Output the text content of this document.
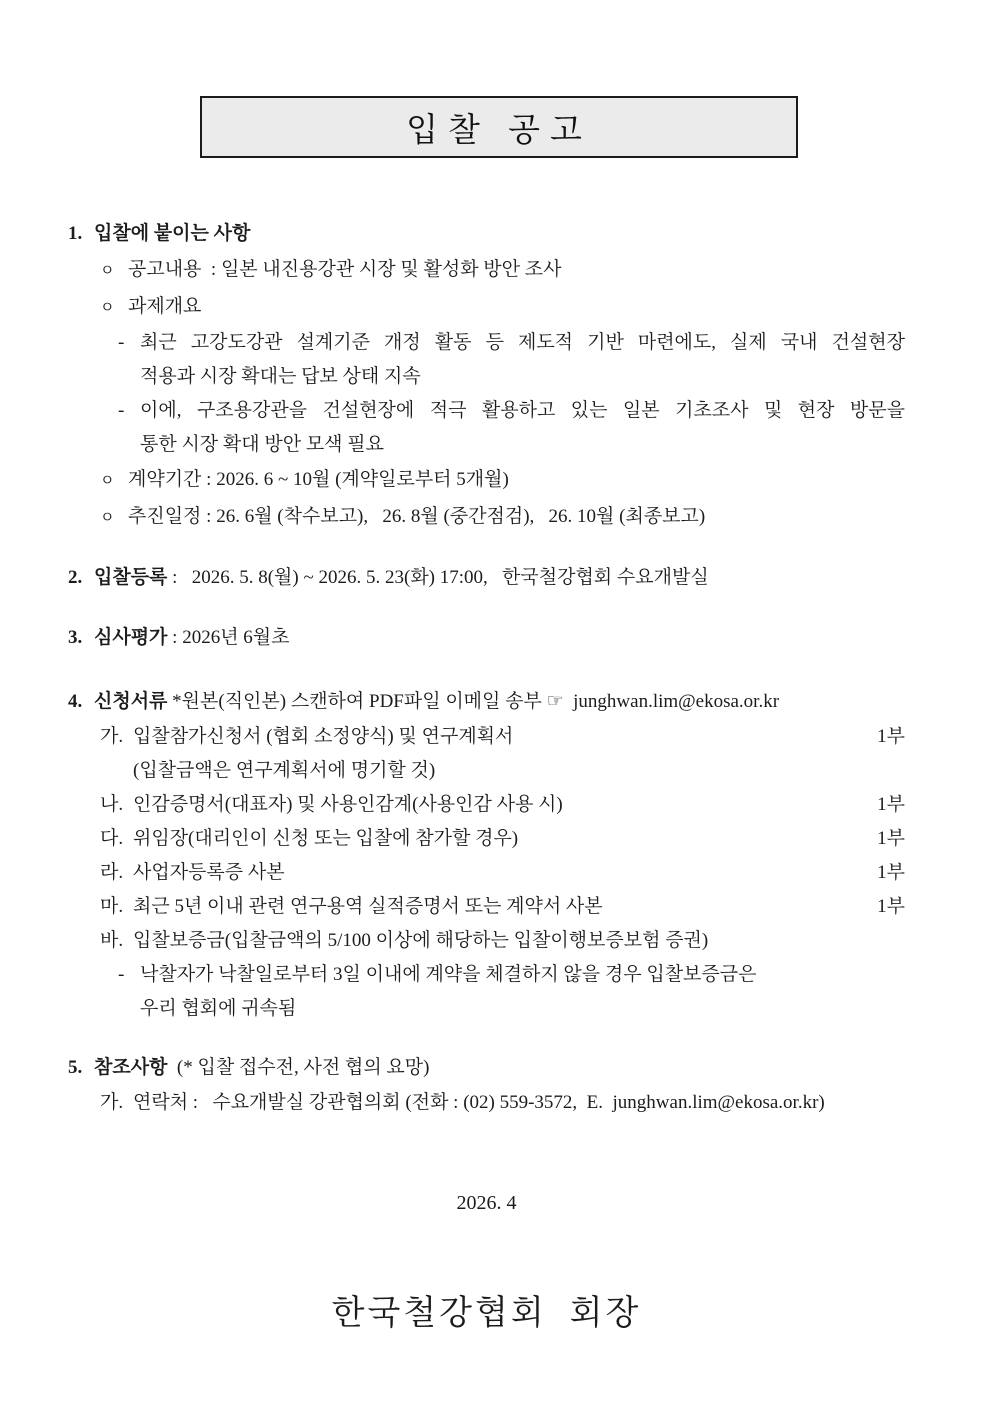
입찰 공고
1. 입찰에 붙이는 사항
ㅇ 공고내용  : 일본 내진용강관 시장 및 활성화 방안 조사
ㅇ 과제개요
- 최근 고강도강관 설계기준 개정 활동 등 제도적 기반 마련에도, 실제 국내 건설현장
적용과 시장 확대는 답보 상태 지속
- 이에, 구조용강관을 건설현장에 적극 활용하고 있는 일본 기초조사 및 현장 방문을
통한 시장 확대 방안 모색 필요
ㅇ 계약기간 : 2026. 6 ~ 10월 (계약일로부터 5개월)
ㅇ 추진일정 : 26. 6월 (착수보고),   26. 8월 (중간점검),   26. 10월 (최종보고)
2. 입찰등록 :   2026. 5. 8(월) ~ 2026. 5. 23(화) 17:00,   한국철강협회 수요개발실
3. 심사평가 : 2026년 6월초
4. 신청서류 *원본(직인본) 스캔하여 PDF파일 이메일 송부 ☞ junghwan.lim@ekosa.or.kr
가. 입찰참가신청서 (협회 소정양식) 및 연구계획서	1부
(입찰금액은 연구계획서에 명기할 것)
나. 인감증명서(대표자) 및 사용인감계(사용인감 사용 시)	1부
다. 위임장(대리인이 신청 또는 입찰에 참가할 경우)	1부
라. 사업자등록증 사본	1부
마. 최근 5년 이내 관련 연구용역 실적증명서 또는 계약서 사본	1부
바. 입찰보증금(입찰금액의 5/100 이상에 해당하는 입찰이행보증보험 증권)
- 낙찰자가 낙찰일로부터 3일 이내에 계약을 체결하지 않을 경우 입찰보증금은
우리 협회에 귀속됨
5. 참조사항 (* 입찰 접수전, 사전 협의 요망)
가. 연락처 :   수요개발실 강관협의회 (전화 : (02) 559-3572,  E.  junghwan.lim@ekosa.or.kr)
2026. 4
한국철강협회  회장
